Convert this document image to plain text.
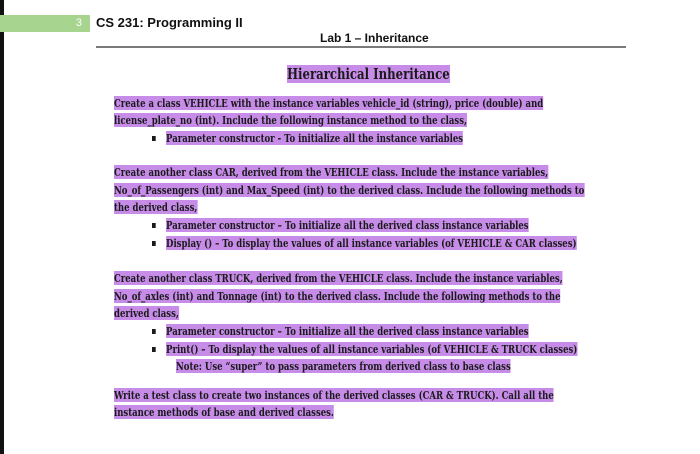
3	CS 231: Programming II
Lab 1 – Inheritance
Hierarchical Inheritance
Create a class VEHICLE with the instance variables vehicle_id (string), price (double) and
license_plate_no (int). Include the following instance method to the class,
Parameter constructor - To initialize all the instance variables
Create another class CAR, derived from the VEHICLE class. Include the instance variables,
No_of_Passengers (int) and Max_Speed (int) to the derived class. Include the following methods to
the derived class,
Parameter constructor – To initialize all the derived class instance variables
Display () – To display the values of all instance variables (of VEHICLE & CAR classes)
Create another class TRUCK, derived from the VEHICLE class. Include the instance variables,
No_of_axles (int) and Tonnage (int) to the derived class. Include the following methods to the
derived class,
Parameter constructor – To initialize all the derived class instance variables
Print() – To display the values of all instance variables (of VEHICLE & TRUCK classes)
Note: Use “super” to pass parameters from derived class to base class
Write a test class to create two instances of the derived classes (CAR & TRUCK). Call all the
instance methods of base and derived classes.
